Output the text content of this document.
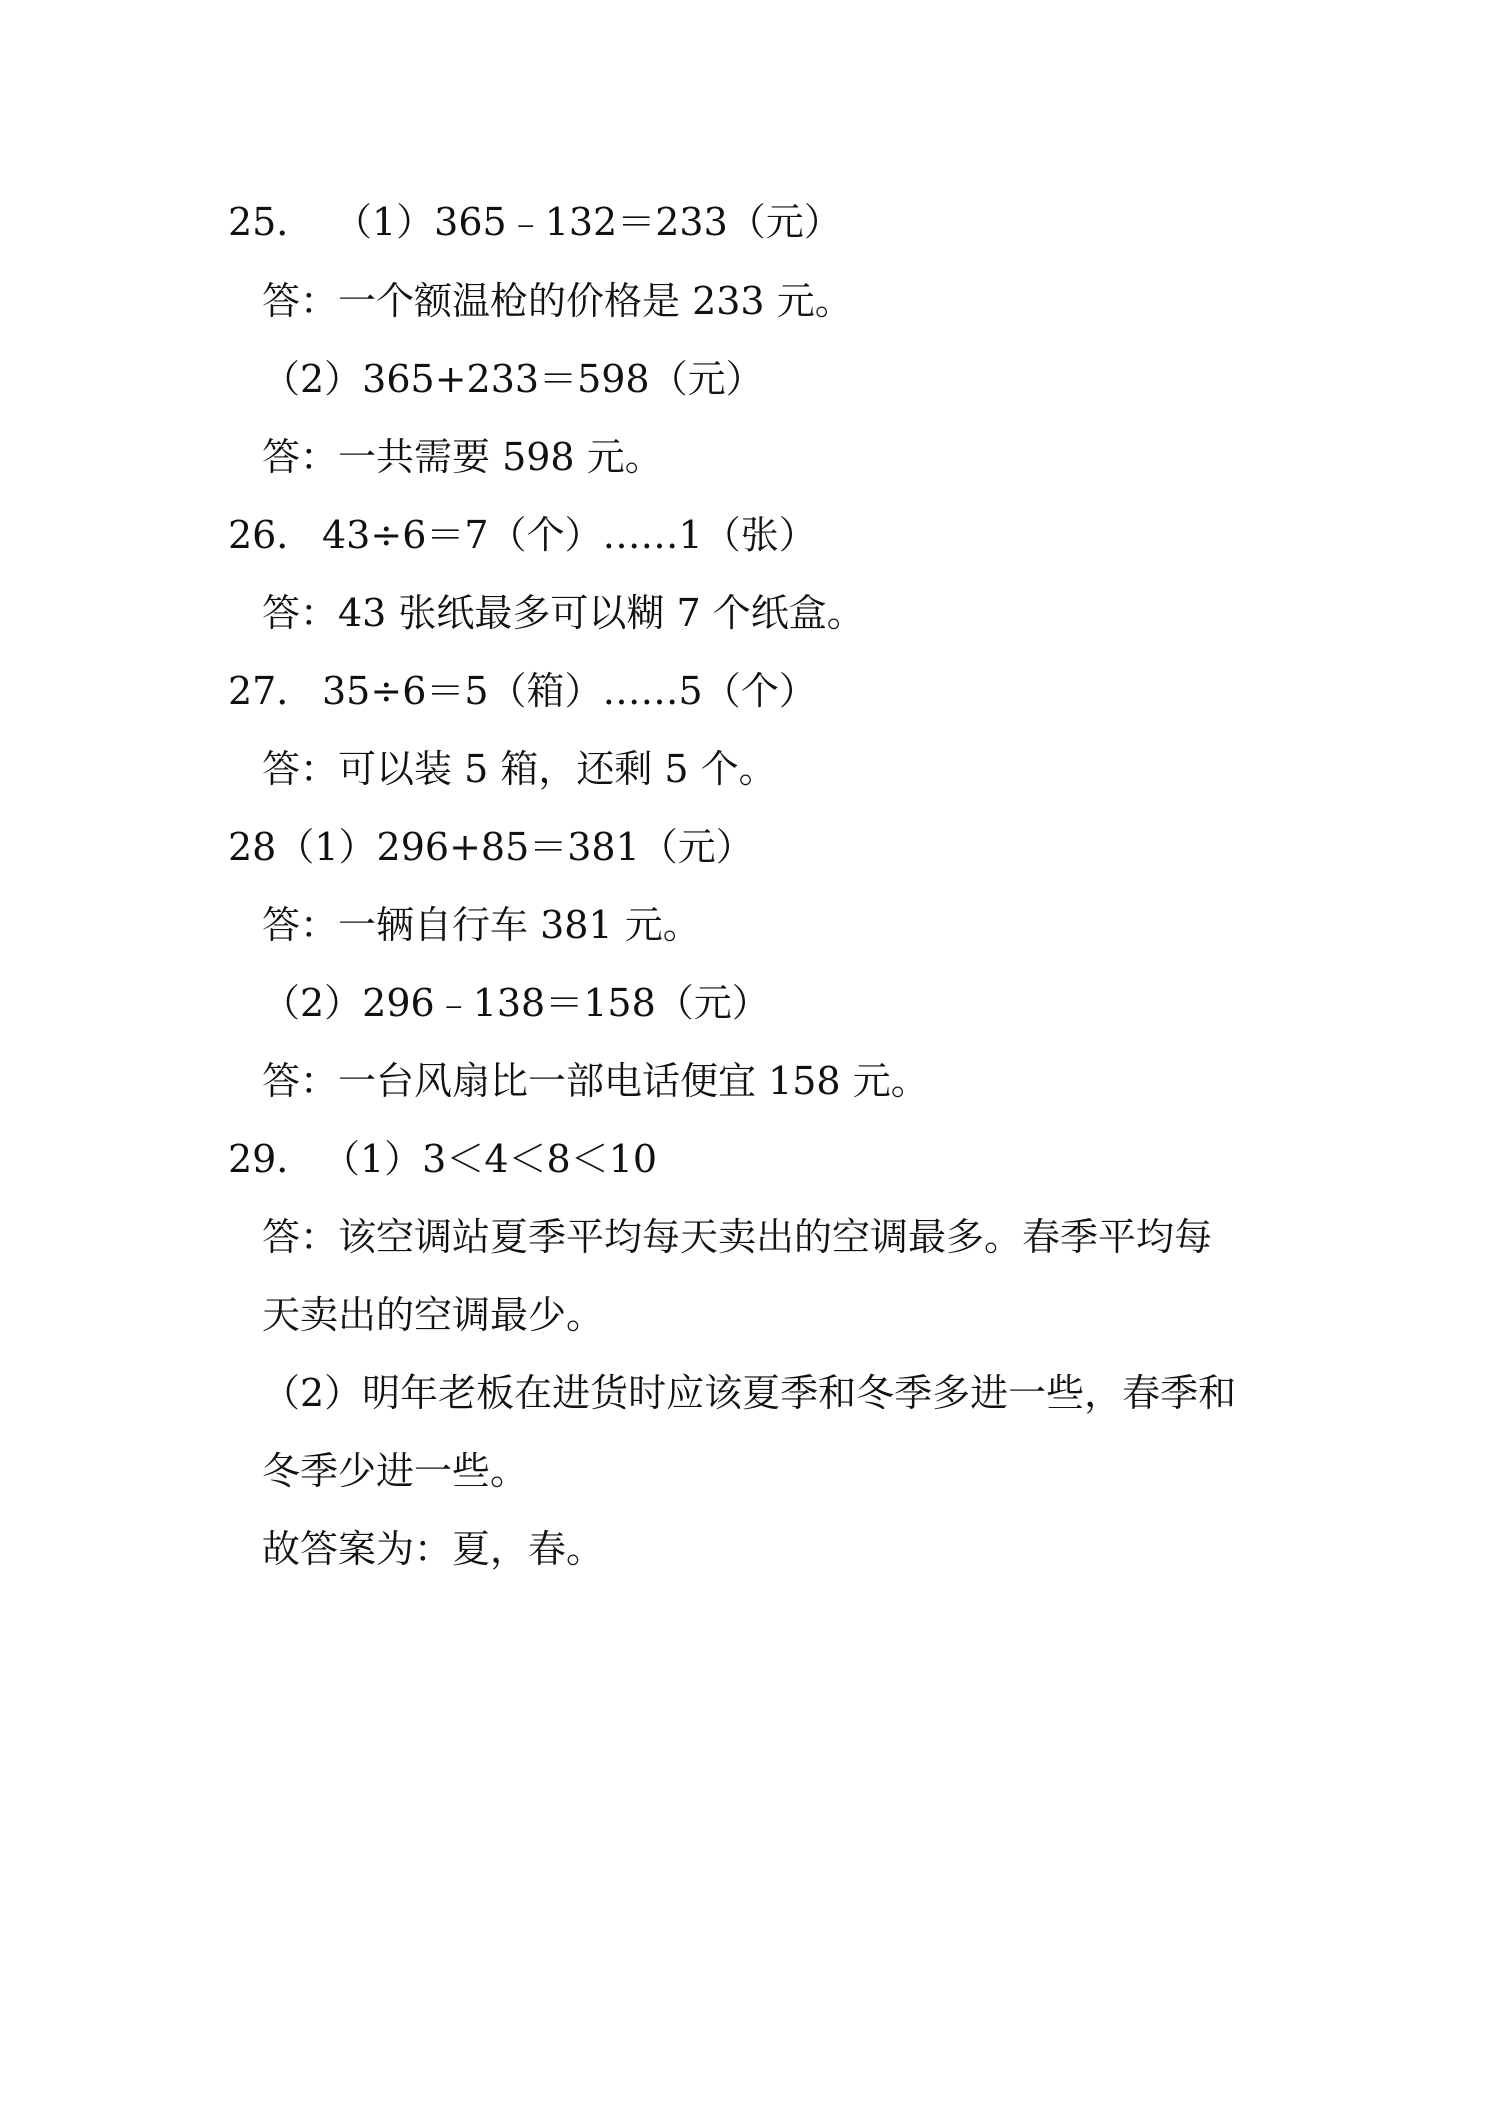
25． （1）365﹣132＝233（元）
答：一个额温枪的价格是 233 元。
（2）365+233＝598（元）
答：一共需要 598 元。
26． 43÷6＝7（个）……1（张）
答：43 张纸最多可以糊 7 个纸盒。
27． 35÷6＝5（箱）……5（个）
答：可以装 5 箱，还剩 5 个。
28（1）296+85＝381（元）
答：一辆自行车 381 元。
（2）296﹣138＝158（元）
答：一台风扇比一部电话便宜 158 元。
29． （1）3＜4＜8＜10
答：该空调站夏季平均每天卖出的空调最多。春季平均每
天卖出的空调最少。
（2）明年老板在进货时应该夏季和冬季多进一些，春季和
冬季少进一些。
故答案为：夏，春。
